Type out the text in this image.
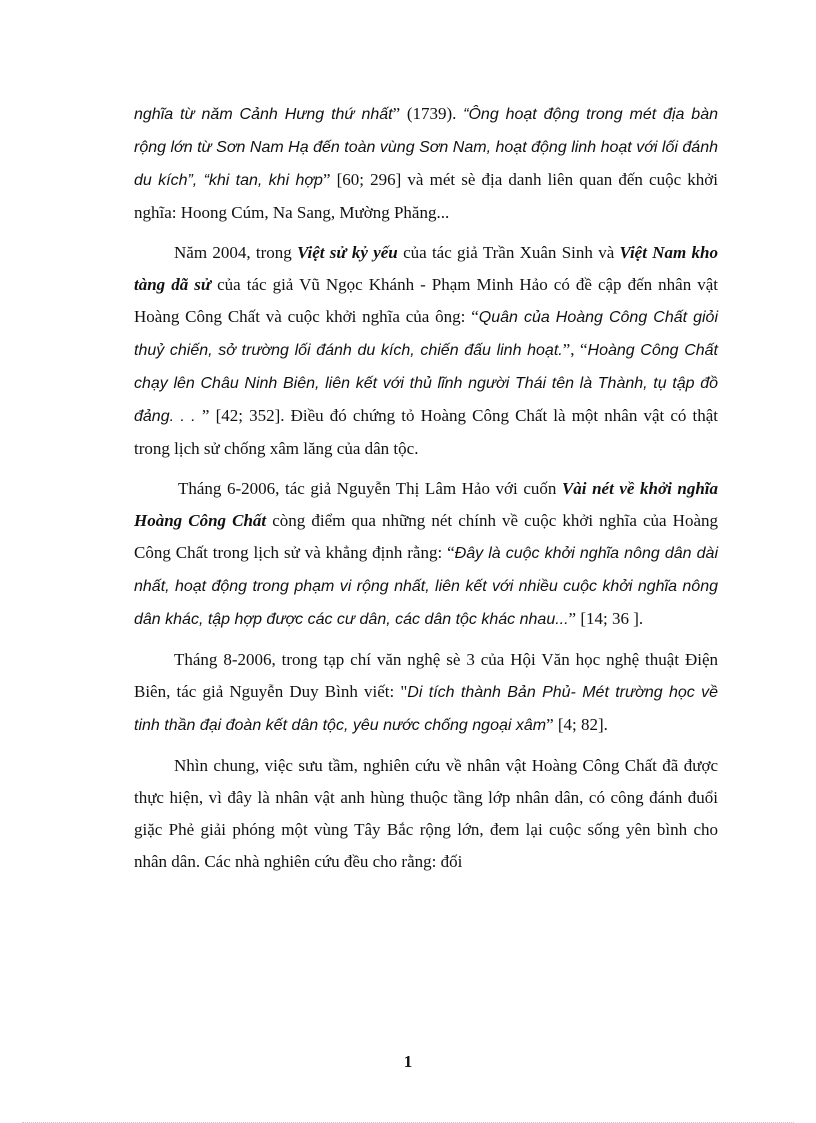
nghĩa từ năm Cảnh Hưng thứ nhất” (1739). “Ông hoạt động trong mét địa bàn rộng lớn từ Sơn Nam Hạ đến toàn vùng Sơn Nam, hoạt động linh hoạt với lối đánh du kích”, “khi tan, khi hợp” [60; 296] và mét sè địa danh liên quan đến cuộc khởi nghĩa: Hoong Cúm, Na Sang, Mường Phăng...

Năm 2004, trong Việt sử kỷ yếu của tác giả Trần Xuân Sinh và Việt Nam kho tàng dã sử của tác giả Vũ Ngọc Khánh - Phạm Minh Hảo có đề cập đến nhân vật Hoàng Công Chất và cuộc khởi nghĩa của ông: “Quân của Hoàng Công Chất giỏi thuỷ chiến, sở trường lối đánh du kích, chiến đấu linh hoạt.”, “Hoàng Công Chất chạy lên Châu Ninh Biên, liên kết với thủ lĩnh người Thái tên là Thành, tụ tập đồ đảng. . . ” [42; 352]. Điều đó chứng tỏ Hoàng Công Chất là một nhân vật có thật trong lịch sử chống xâm lăng của dân tộc.

Tháng 6-2006, tác giả Nguyễn Thị Lâm Hảo với cuốn Vài nét về khởi nghĩa Hoàng Công Chất còng điểm qua những nét chính về cuộc khởi nghĩa của Hoàng Công Chất trong lịch sử và khẳng định rằng: “Đây là cuộc khởi nghĩa nông dân dài nhất, hoạt động trong phạm vi rộng nhất, liên kết với nhiều cuộc khởi nghĩa nông dân khác, tập hợp được các cư dân, các dân tộc khác nhau...” [14; 36 ].

Tháng 8-2006, trong tạp chí văn nghệ sè 3 của Hội Văn học nghệ thuật Điện Biên, tác giả Nguyễn Duy Bình viết: "Di tích thành Bản Phủ- Mét trường học về tinh thần đại đoàn kết dân tộc, yêu nước chống ngoại xâm” [4; 82].

Nhìn chung, việc sưu tầm, nghiên cứu về nhân vật Hoàng Công Chất đã được thực hiện, vì đây là nhân vật anh hùng thuộc tầng lớp nhân dân, có công đánh đuổi giặc Phẻ giải phóng một vùng Tây Bắc rộng lớn, đem lại cuộc sống yên bình cho nhân dân. Các nhà nghiên cứu đều cho rằng: đối

1
